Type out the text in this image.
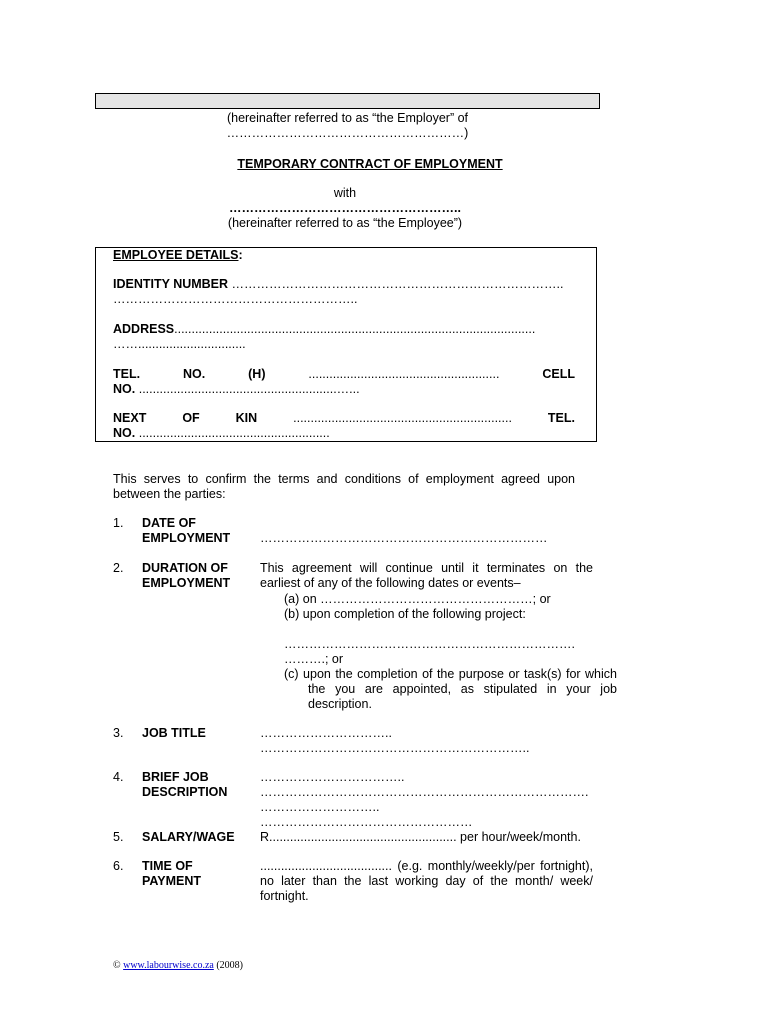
(hereinafter referred to as “the Employer” of
…………………………………………………)
TEMPORARY CONTRACT OF EMPLOYMENT
with
………………………………………………..
(hereinafter referred to as “the Employee”)
EMPLOYEE DETAILS:
IDENTITY NUMBER ……………………………………………………………………..
…………………………………………………..
ADDRESS........................................................................................................
……...............................
TEL.	NO.	(H)	.......................................................	CELL
NO. .........................................................…...
NEXT	OF	KIN	...............................................................	TEL.
NO. .......................................................
This serves to confirm the terms and conditions of employment agreed upon between the parties:
1. DATE OF EMPLOYMENT	……………………………………………………………
2. DURATION OF EMPLOYMENT
This agreement will continue until it terminates on the earliest of any of the following dates or events–
(a) on ……………………………………………; or
(b) upon completion of the following project:
…………………………………………………………….
……….; or
(c) upon the completion of the purpose or task(s) for which the you are appointed, as stipulated in your job description.
3. JOB TITLE	…………………………..
………………………………………………………..
4. BRIEF JOB DESCRIPTION
……………………………..
…………………………………………………………………….
………………………..
……………………………………………
5. SALARY/WAGE R...................................................... per hour/week/month.
6. TIME OF PAYMENT
...................................... (e.g. monthly/weekly/per fortnight), no later than the last working day of the month/ week/ fortnight.
© www.labourwise.co.za (2008)
